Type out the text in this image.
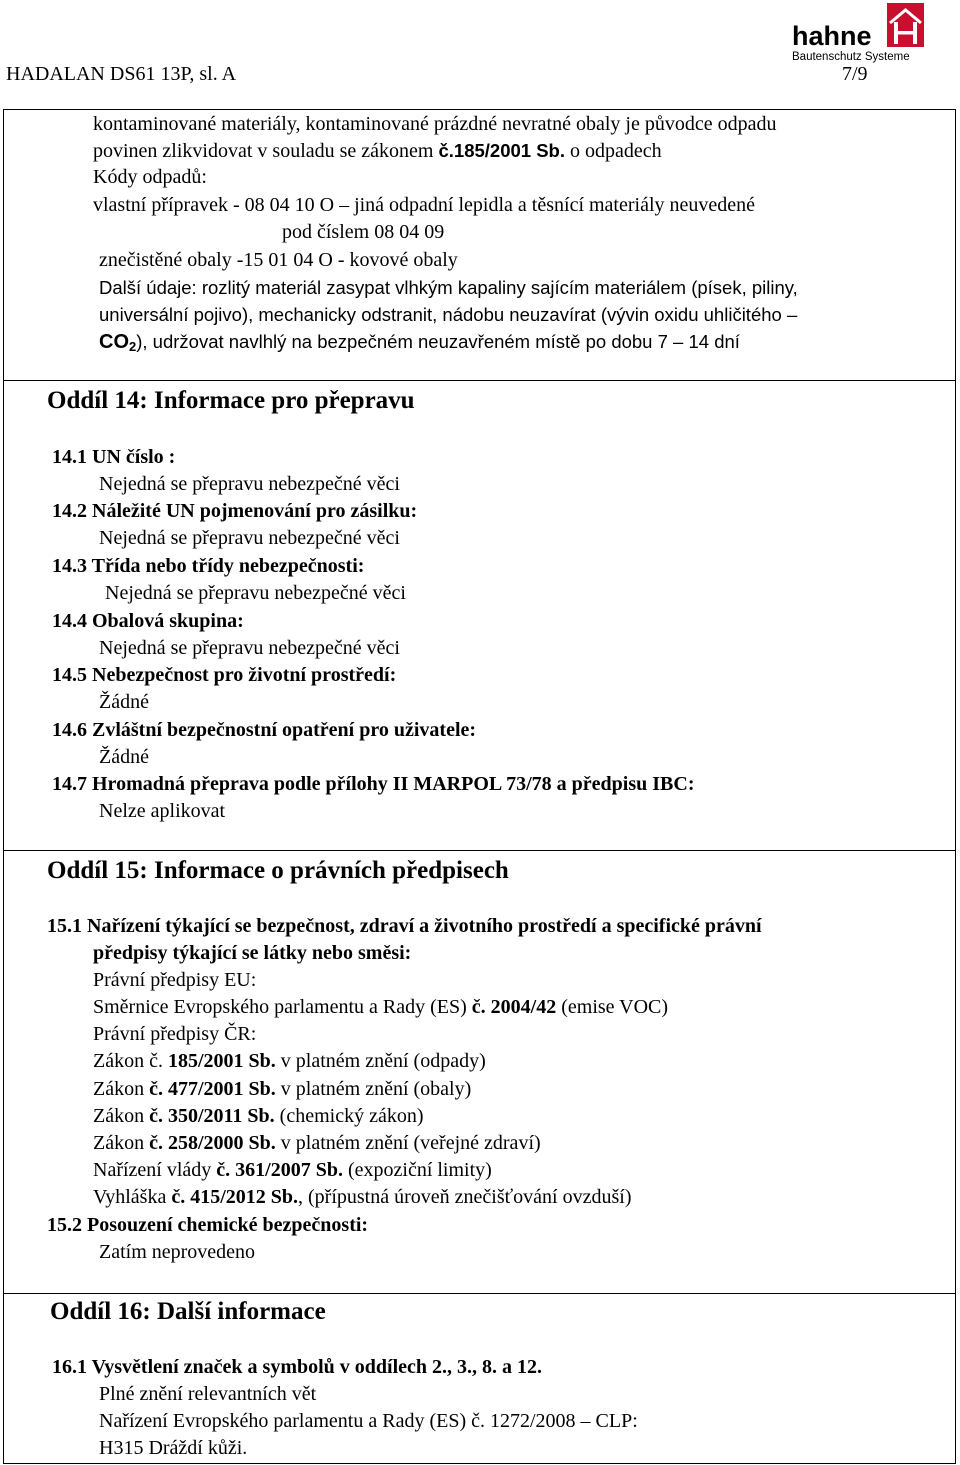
HADALAN DS61 13P, sl. A	7/9
hahne
Bautenschutz Systeme
kontaminované materiály, kontaminované prázdné nevratné obaly je původce odpadu
povinen zlikvidovat v souladu se zákonem č.185/2001 Sb. o odpadech
Kódy odpadů:
vlastní přípravek - 08 04 10 O – jiná odpadní lepidla a těsnící materiály neuvedené
pod číslem 08 04 09
znečistěné obaly -15 01 04 O - kovové obaly
Další údaje: rozlitý materiál zasypat vlhkým kapaliny sajícím materiálem (písek, piliny,
universální pojivo), mechanicky odstranit, nádobu neuzavírat (vývin oxidu uhličitého –
$CO_2$), udržovat navlhlý na bezpečném neuzavřeném místě po dobu 7 – 14 dní
Oddíl 14: Informace pro přepravu
14.1 UN číslo :
Nejedná se přepravu nebezpečné věci
14.2 Náležité UN pojmenování pro zásilku:
Nejedná se přepravu nebezpečné věci
14.3 Třída nebo třídy nebezpečnosti:
Nejedná se přepravu nebezpečné věci
14.4 Obalová skupina:
Nejedná se přepravu nebezpečné věci
14.5 Nebezpečnost pro životní prostředí:
Žádné
14.6 Zvláštní bezpečnostní opatření pro uživatele:
Žádné
14.7 Hromadná přeprava podle přílohy II MARPOL 73/78 a předpisu IBC:
Nelze aplikovat
Oddíl 15: Informace o právních předpisech
15.1 Nařízení týkající se bezpečnost, zdraví a životního prostředí a specifické právní
předpisy týkající se látky nebo směsi:
Právní předpisy EU:
Směrnice Evropského parlamentu a Rady (ES) č. 2004/42 (emise VOC)
Právní předpisy ČR:
Zákon č. 185/2001 Sb. v platném znění (odpady)
Zákon č. 477/2001 Sb. v platném znění (obaly)
Zákon č. 350/2011 Sb. (chemický zákon)
Zákon č. 258/2000 Sb. v platném znění (veřejné zdraví)
Nařízení vlády č. 361/2007 Sb. (expoziční limity)
Vyhláška č. 415/2012 Sb., (přípustná úroveň znečišťování ovzduší)
15.2 Posouzení chemické bezpečnosti:
Zatím neprovedeno
Oddíl 16: Další informace
16.1 Vysvětlení značek a symbolů v oddílech 2., 3., 8. a 12.
Plné znění relevantních vět
Nařízení Evropského parlamentu a Rady (ES) č. 1272/2008 – CLP:
H315 Dráždí kůži.
